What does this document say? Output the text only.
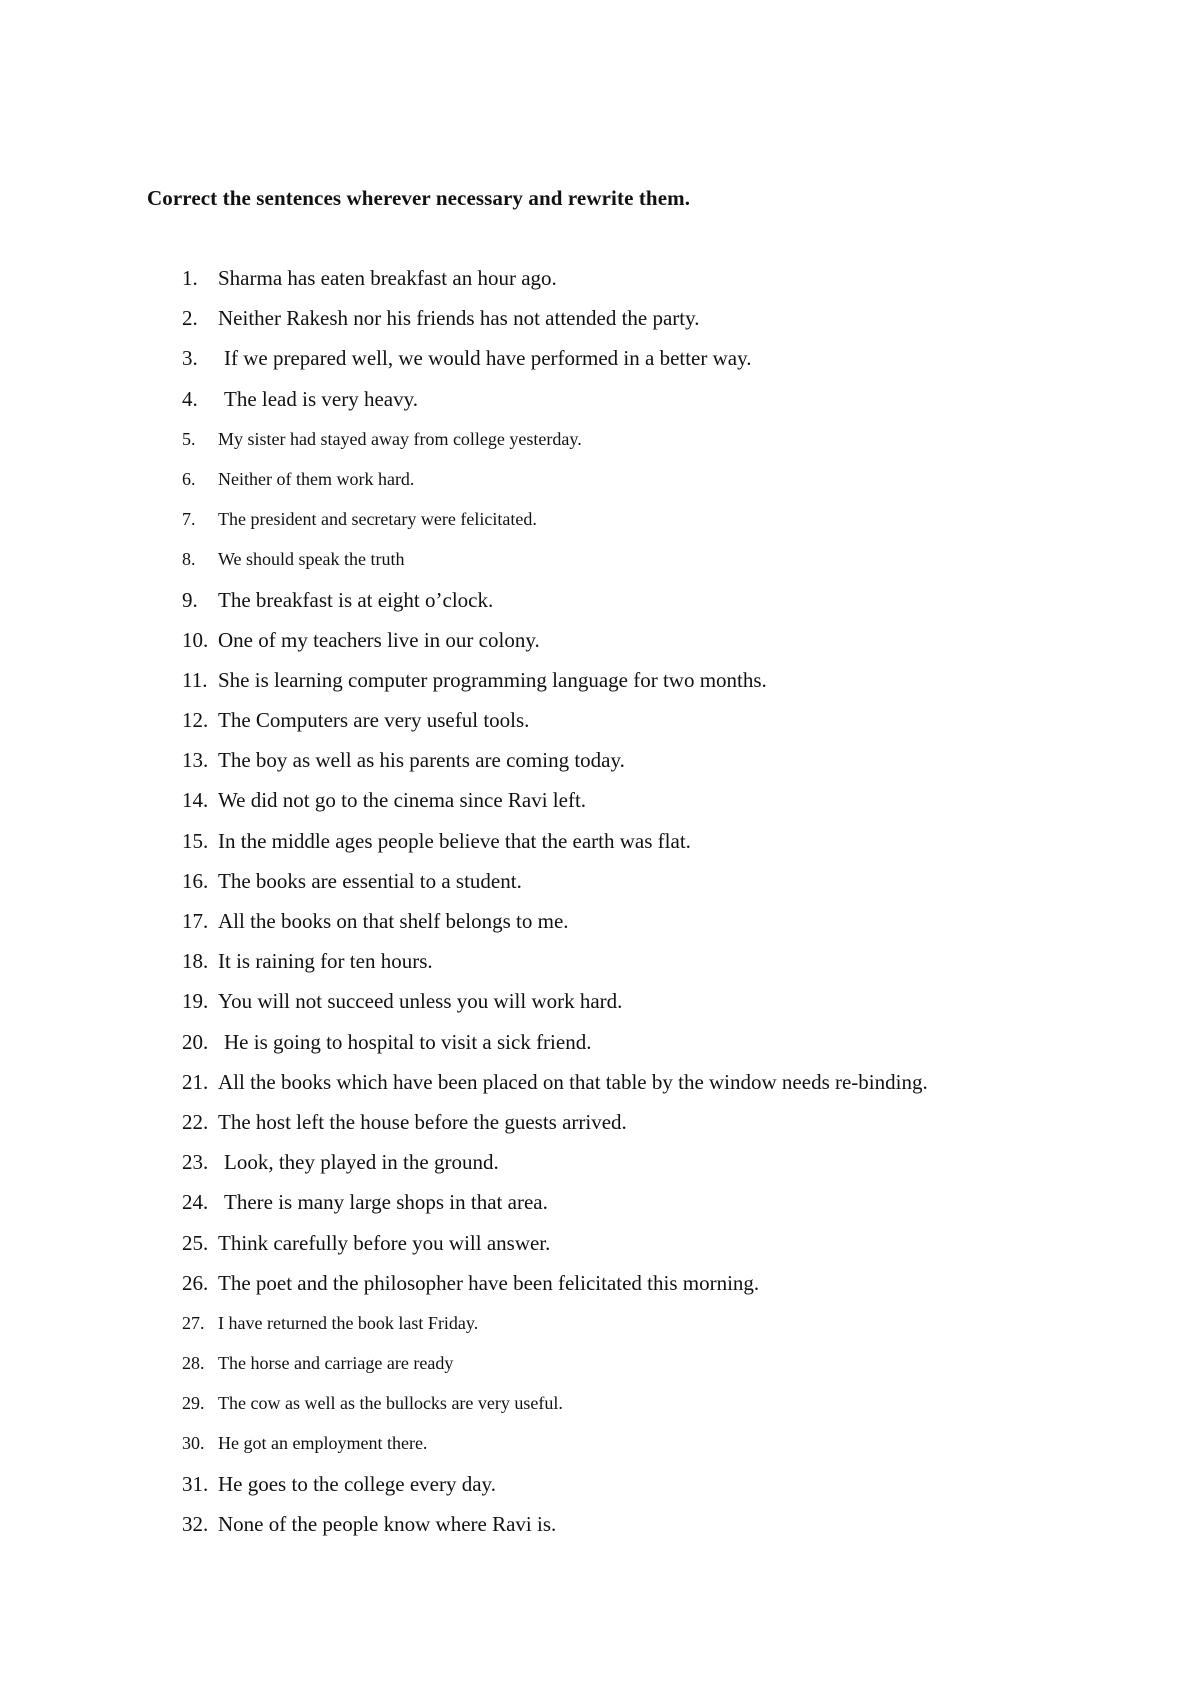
Correct the sentences wherever necessary and rewrite them.
1. Sharma has eaten breakfast an hour ago.
2. Neither Rakesh nor his friends has not attended the party.
3. If we prepared well, we would have performed in a better way.
4. The lead is very heavy.
5. My sister had stayed away from college yesterday.
6. Neither of them work hard.
7. The president and secretary were felicitated.
8. We should speak the truth
9. The breakfast is at eight o’clock.
10. One of my teachers live in our colony.
11. She is learning computer programming language for two months.
12. The Computers are very useful tools.
13. The boy as well as his parents are coming today.
14. We did not go to the cinema since Ravi left.
15. In the middle ages people believe that the earth was flat.
16. The books are essential to a student.
17. All the books on that shelf belongs to me.
18. It is raining for ten hours.
19. You will not succeed unless you will work hard.
20. He is going to hospital to visit a sick friend.
21. All the books which have been placed on that table by the window needs re-binding.
22. The host left the house before the guests arrived.
23. Look, they played in the ground.
24. There is many large shops in that area.
25. Think carefully before you will answer.
26. The poet and the philosopher have been felicitated this morning.
27. I have returned the book last Friday.
28. The horse and carriage are ready
29. The cow as well as the bullocks are very useful.
30. He got an employment there.
31. He goes to the college every day.
32. None of the people know where Ravi is.
